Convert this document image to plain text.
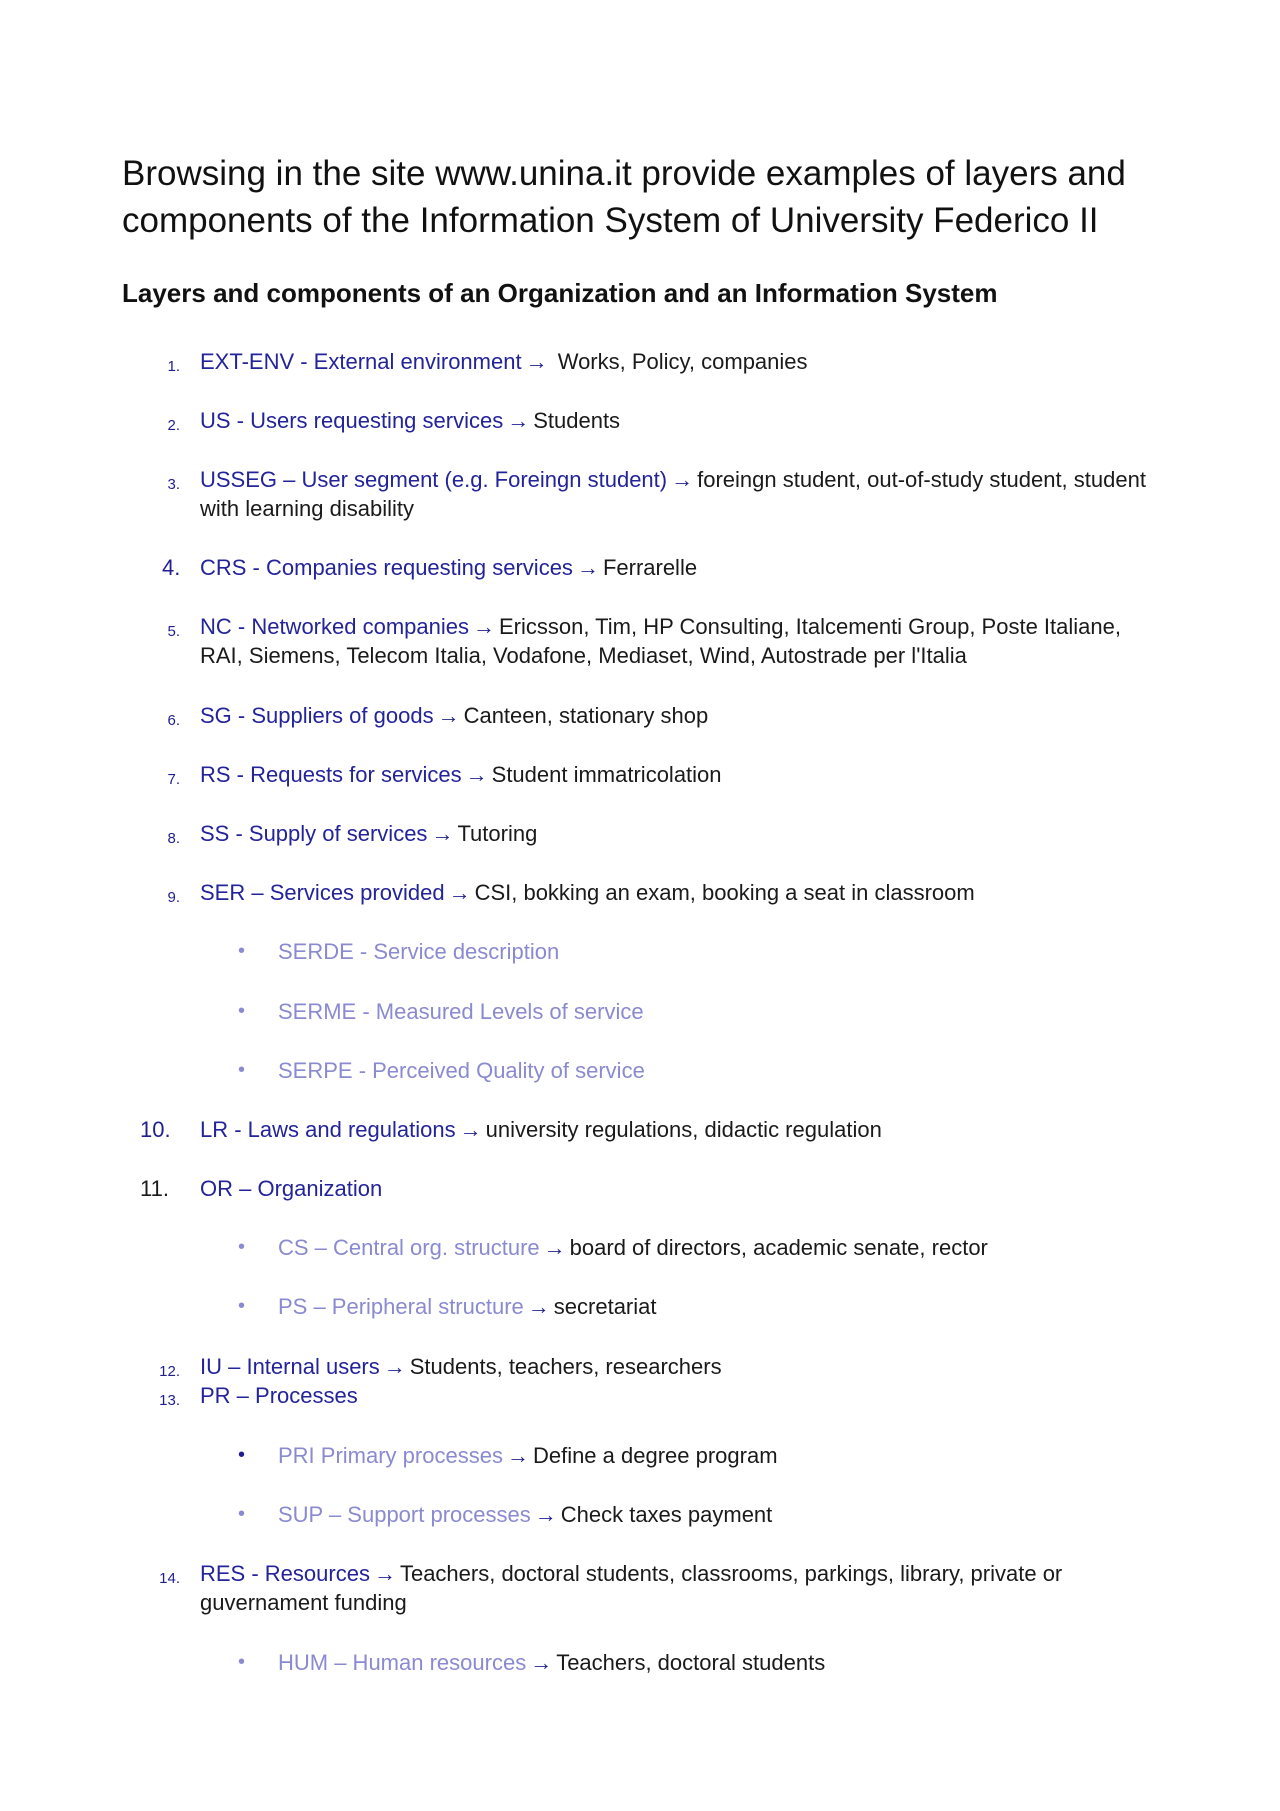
Browsing in the site www.unina.it provide examples of layers and components of the Information System of University Federico II
Layers and components of an Organization and an Information System
1. EXT-ENV - External environment → Works, Policy, companies
2. US - Users requesting services → Students
3. USSEG – User segment (e.g. Foreingn student) → foreingn student, out-of-study student, student with learning disability
4. CRS - Companies requesting services → Ferrarelle
5. NC - Networked companies → Ericsson, Tim, HP Consulting, Italcementi Group, Poste Italiane, RAI, Siemens, Telecom Italia, Vodafone, Mediaset, Wind, Autostrade per l'Italia
6. SG - Suppliers of goods → Canteen, stationary shop
7. RS - Requests for services → Student immatricolation
8. SS - Supply of services → Tutoring
9. SER – Services provided → CSI, bokking an exam, booking a seat in classroom
• SERDE - Service description
• SERME - Measured Levels of service
• SERPE - Perceived Quality of service
10.	LR - Laws and regulations → university regulations, didactic regulation
11.	OR – Organization
• CS – Central org. structure → board of directors, academic senate, rector
• PS – Peripheral structure → secretariat
12. IU – Internal users → Students, teachers, researchers
13. PR – Processes
• PRI Primary processes → Define a degree program
• SUP – Support processes → Check taxes payment
14. RES - Resources → Teachers, doctoral students, classrooms, parkings, library, private or guvernament funding
• HUM – Human resources → Teachers, doctoral students
